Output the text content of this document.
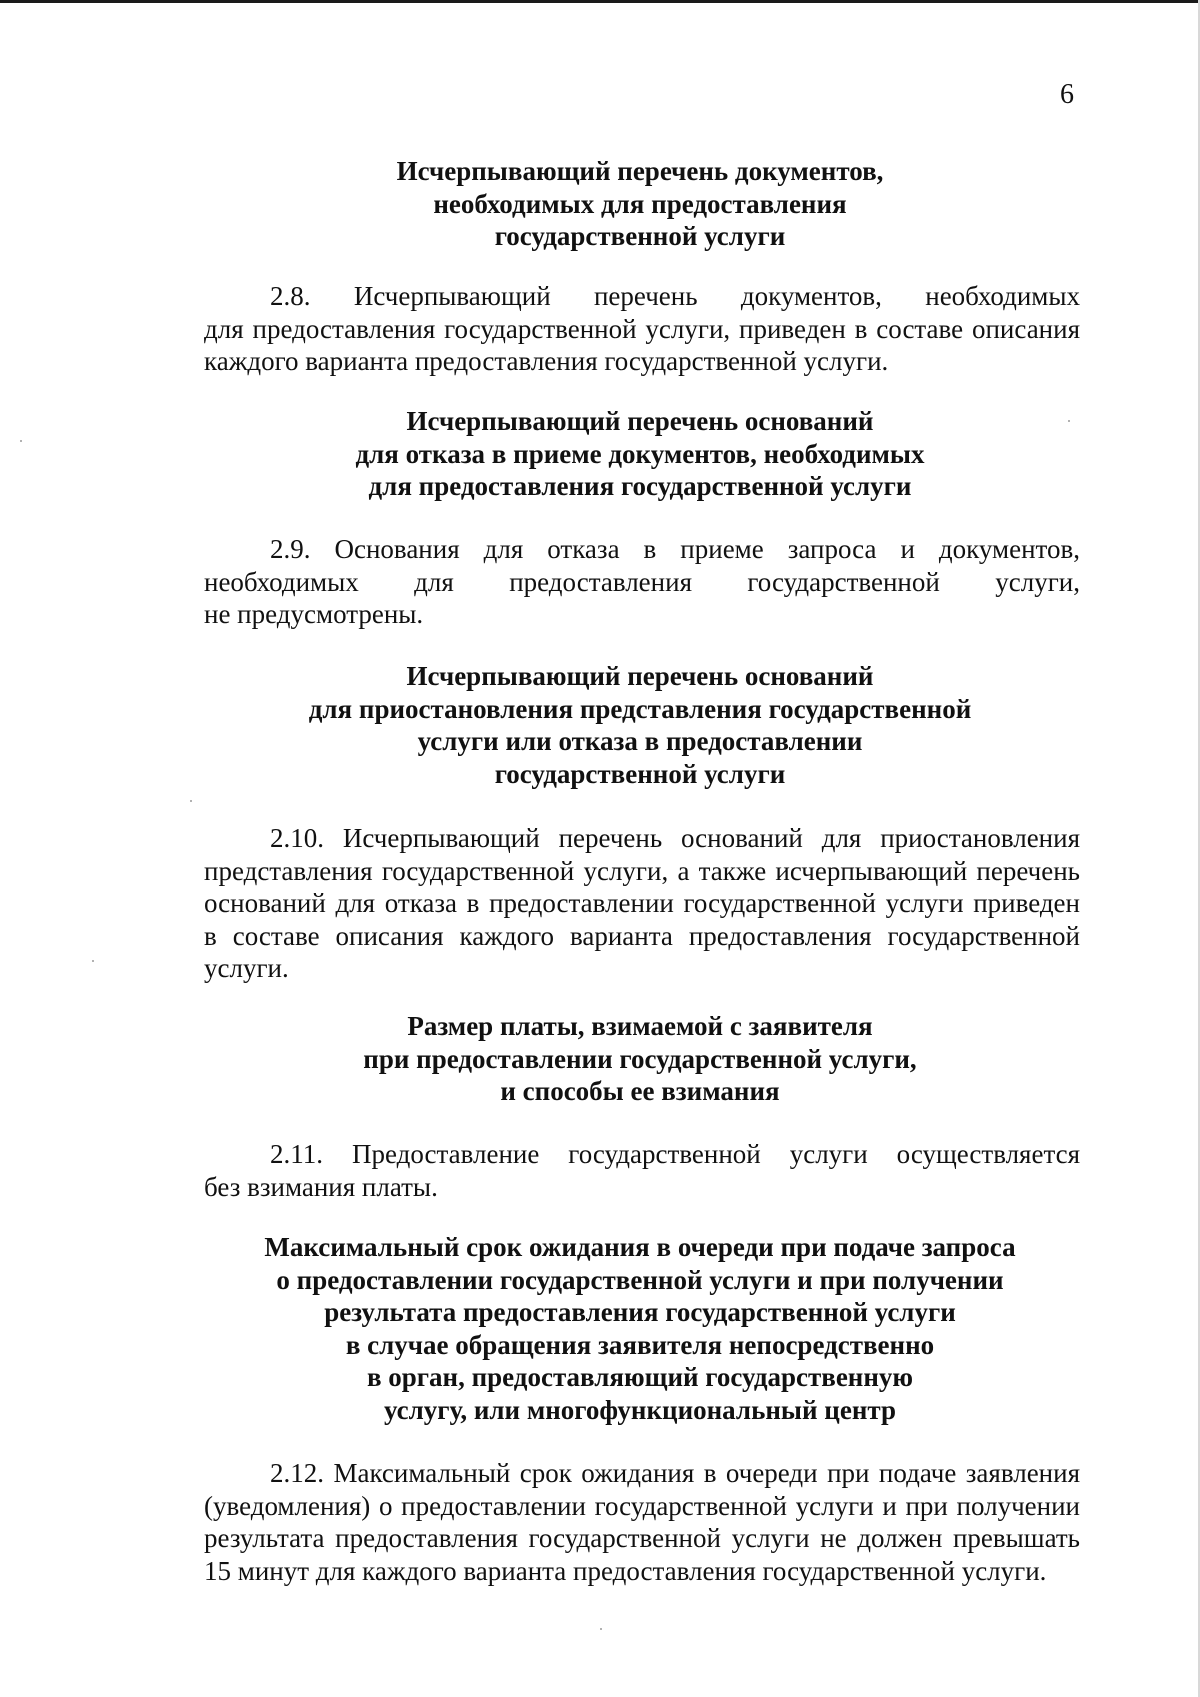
6
Исчерпывающий перечень документов,
необходимых для предоставления
государственной услуги
2.8. Исчерпывающий перечень документов, необходимых
для предоставления государственной услуги, приведен в составе описания
каждого варианта предоставления государственной услуги.
Исчерпывающий перечень оснований
для отказа в приеме документов, необходимых
для предоставления государственной услуги
2.9. Основания для отказа в приеме запроса и документов,
необходимых для предоставления государственной услуги,
не предусмотрены.
Исчерпывающий перечень оснований
для приостановления представления государственной
услуги или отказа в предоставлении
государственной услуги
2.10. Исчерпывающий перечень оснований для приостановления
представления государственной услуги, а также исчерпывающий перечень
оснований для отказа в предоставлении государственной услуги приведен
в составе описания каждого варианта предоставления государственной
услуги.
Размер платы, взимаемой с заявителя
при предоставлении государственной услуги,
и способы ее взимания
2.11. Предоставление государственной услуги осуществляется
без взимания платы.
Максимальный срок ожидания в очереди при подаче запроса
о предоставлении государственной услуги и при получении
результата предоставления государственной услуги
в случае обращения заявителя непосредственно
в орган, предоставляющий государственную
услугу, или многофункциональный центр
2.12. Максимальный срок ожидания в очереди при подаче заявления
(уведомления) о предоставлении государственной услуги и при получении
результата предоставления государственной услуги не должен превышать
15 минут для каждого варианта предоставления государственной услуги.
